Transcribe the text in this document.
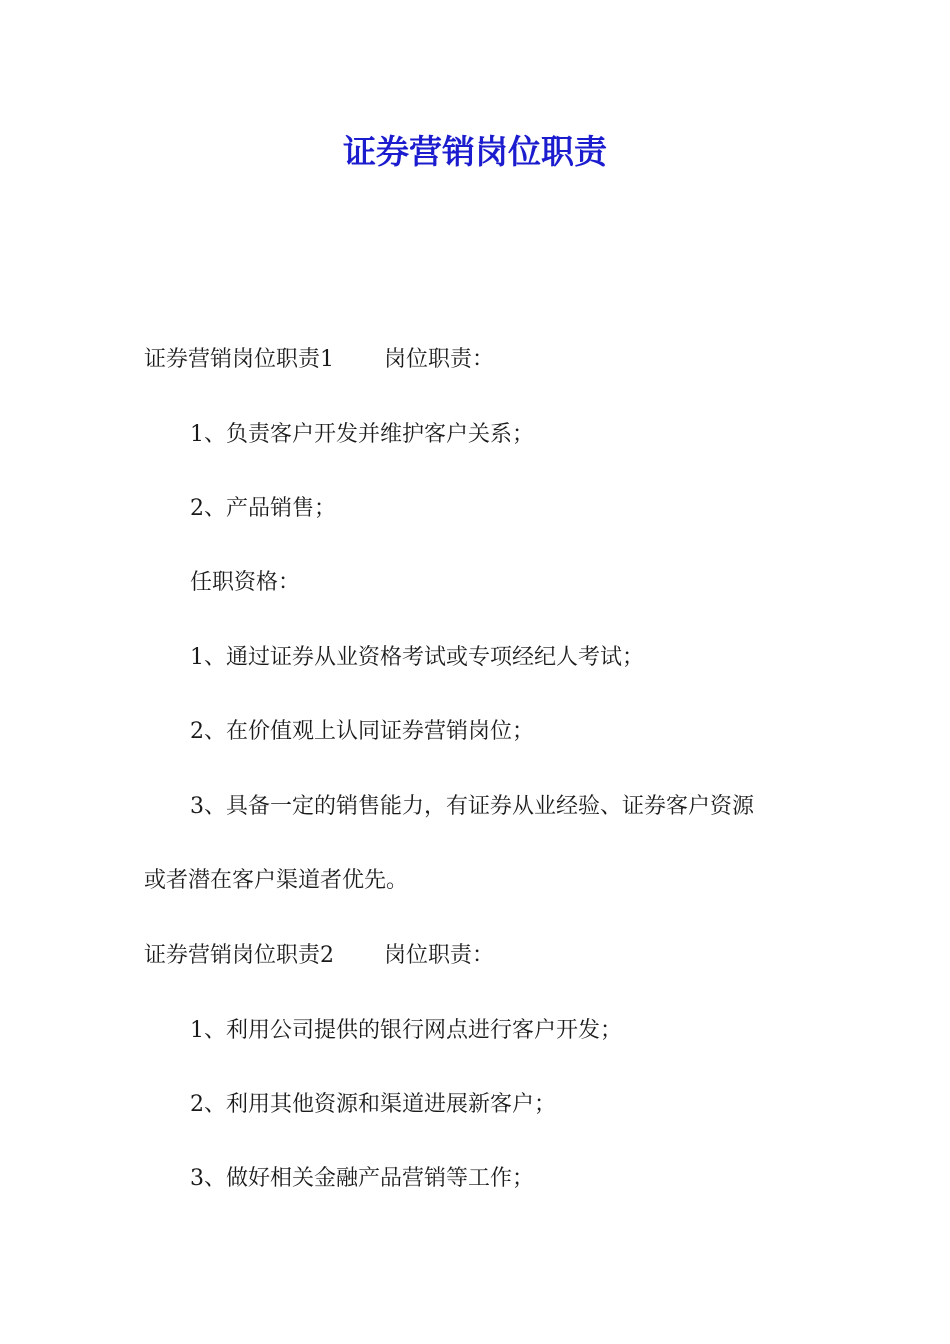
证券营销岗位职责

证券营销岗位职责1 岗位职责：

1、负责客户开发并维护客户关系；

2、产品销售；

任职资格：

1、通过证券从业资格考试或专项经纪人考试；

2、在价值观上认同证券营销岗位；

3、具备一定的销售能力，有证券从业经验、证券客户资源

或者潜在客户渠道者优先。

证券营销岗位职责2 岗位职责：

1、利用公司提供的银行网点进行客户开发；

2、利用其他资源和渠道进展新客户；

3、做好相关金融产品营销等工作；
